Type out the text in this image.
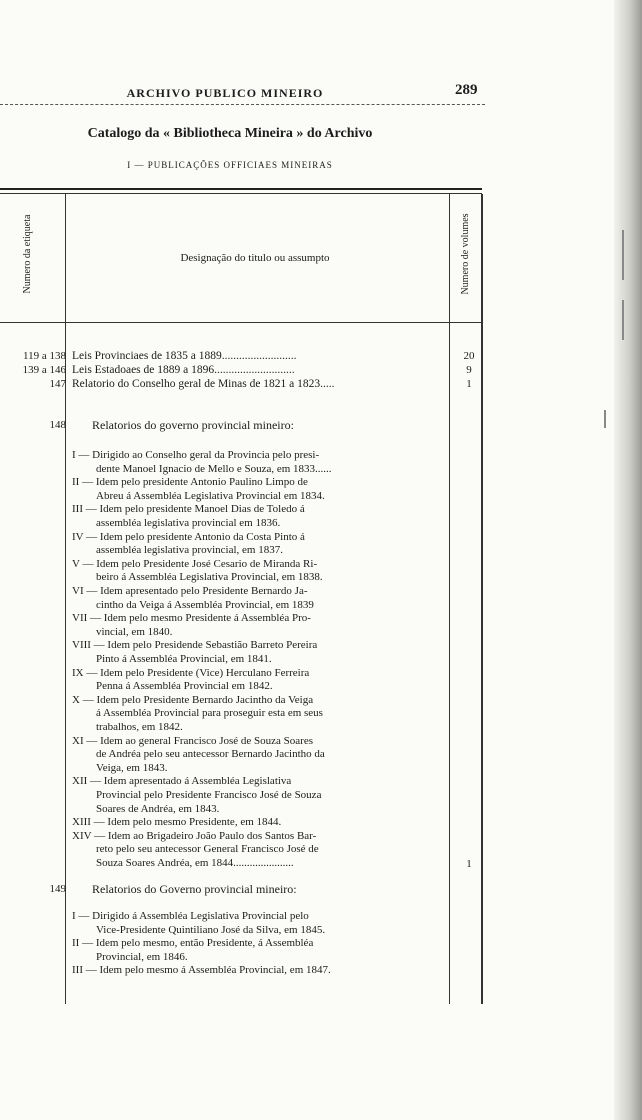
ARCHIVO PUBLICO MINEIRO	289
Catalogo da « Bibliotheca Mineira » do Archivo
I — PUBLICAÇÕES OFFICIAES MINEIRAS
Numero da etiqueta	Designação do titulo ou assumpto	Numero de volumes
119 a 138 Leis Provinciaes de 1835 a 1889..........................	20
139 a 146 Leis Estadoaes de 1889 a 1896............................	9
147 Relatorio do Conselho geral de Minas de 1821 a 1823.....	1
148 Relatorios do governo provincial mineiro:
I — Dirigido ao Conselho geral da Provincia pelo presi-
dente Manoel Ignacio de Mello e Souza, em 1833......
II — Idem pelo presidente Antonio Paulino Limpo de
Abreu á Assembléa Legislativa Provincial em 1834.
III — Idem pelo presidente Manoel Dias de Toledo á
assembléa legislativa provincial em 1836.
IV — Idem pelo presidente Antonio da Costa Pinto á
assembléa legislativa provincial, em 1837.
V — Idem pelo Presidente José Cesario de Miranda Ri-
beiro á Assembléa Legislativa Provincial, em 1838.
VI — Idem apresentado pelo Presidente Bernardo Ja-
cintho da Veiga á Assembléa Provincial, em 1839
VII — Idem pelo mesmo Presidente á Assembléa Pro-
vincial, em 1840.
VIII — Idem pelo Presidende Sebastião Barreto Pereira
Pinto á Assembléa Provincial, em 1841.
IX — Idem pelo Presidente (Vice) Herculano Ferreira
Penna á Assembléa Provincial em 1842.
X — Idem pelo Presidente Bernardo Jacintho da Veiga
á Assembléa Provincial para proseguir esta em seus
trabalhos, em 1842.
XI — Idem ao general Francisco José de Souza Soares
de Andréa pelo seu antecessor Bernardo Jacintho da
Veiga, em 1843.
XII — Idem apresentado á Assembléa Legislativa
Provincial pelo Presidente Francisco José de Souza
Soares de Andréa, em 1843.
XIII — Idem pelo mesmo Presidente, em 1844.
XIV — Idem ao Brigadeiro João Paulo dos Santos Bar-
reto pelo seu antecessor General Francisco José de
Souza Soares Andréa, em 1844......................	1
149 Relatorios do Governo provincial mineiro:
I — Dirigido á Assembléa Legislativa Provincial pelo
Vice-Presidente Quintiliano José da Silva, em 1845.
II — Idem pelo mesmo, então Presidente, á Assembléa
Provincial, em 1846.
III — Idem pelo mesmo á Assembléa Provincial, em 1847.
